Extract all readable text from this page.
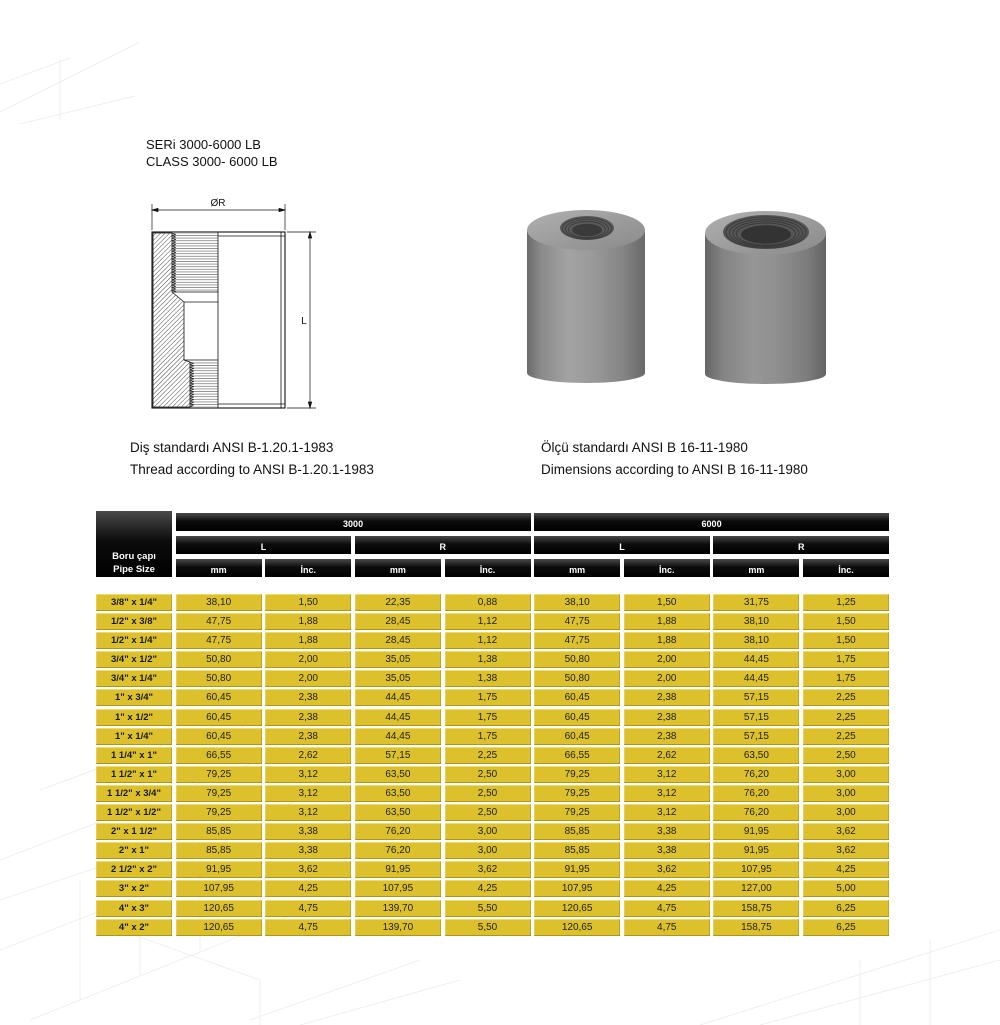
SERi 3000-6000 LB
CLASS 3000- 6000 LB
ØR
L
Diş standardı ANSI B-1.20.1-1983
Thread according to ANSI B-1.20.1-1983
Ölçü standardı ANSI B 16-11-1980
Dimensions according to ANSI B 16-11-1980
Boru çapı
Pipe Size
3000	6000
L	R	L	R
mm	İnc.	mm	İnc.	mm	İnc.	mm	İnc.
3/8" x 1/4"	38,10	1,50	22,35	0,88	38,10	1,50	31,75	1,25
1/2" x 3/8"	47,75	1,88	28,45	1,12	47,75	1,88	38,10	1,50
1/2" x 1/4"	47,75	1,88	28,45	1,12	47,75	1,88	38,10	1,50
3/4" x 1/2"	50,80	2,00	35,05	1,38	50,80	2,00	44,45	1,75
3/4" x 1/4"	50,80	2,00	35,05	1,38	50,80	2,00	44,45	1,75
1" x 3/4"	60,45	2,38	44,45	1,75	60,45	2,38	57,15	2,25
1" x 1/2"	60,45	2,38	44,45	1,75	60,45	2,38	57,15	2,25
1" x 1/4"	60,45	2,38	44,45	1,75	60,45	2,38	57,15	2,25
1 1/4" x 1"	66,55	2,62	57,15	2,25	66,55	2,62	63,50	2,50
1 1/2" x 1"	79,25	3,12	63,50	2,50	79,25	3,12	76,20	3,00
1 1/2" x 3/4"	79,25	3,12	63,50	2,50	79,25	3,12	76,20	3,00
1 1/2" x 1/2"	79,25	3,12	63,50	2,50	79,25	3,12	76,20	3,00
2" x 1 1/2"	85,85	3,38	76,20	3,00	85,85	3,38	91,95	3,62
2" x 1"	85,85	3,38	76,20	3,00	85,85	3,38	91,95	3,62
2 1/2" x 2"	91,95	3,62	91,95	3,62	91,95	3,62	107,95	4,25
3" x 2"	107,95	4,25	107,95	4,25	107,95	4,25	127,00	5,00
4" x 3"	120,65	4,75	139,70	5,50	120,65	4,75	158,75	6,25
4" x 2"	120,65	4,75	139,70	5,50	120,65	4,75	158,75	6,25
